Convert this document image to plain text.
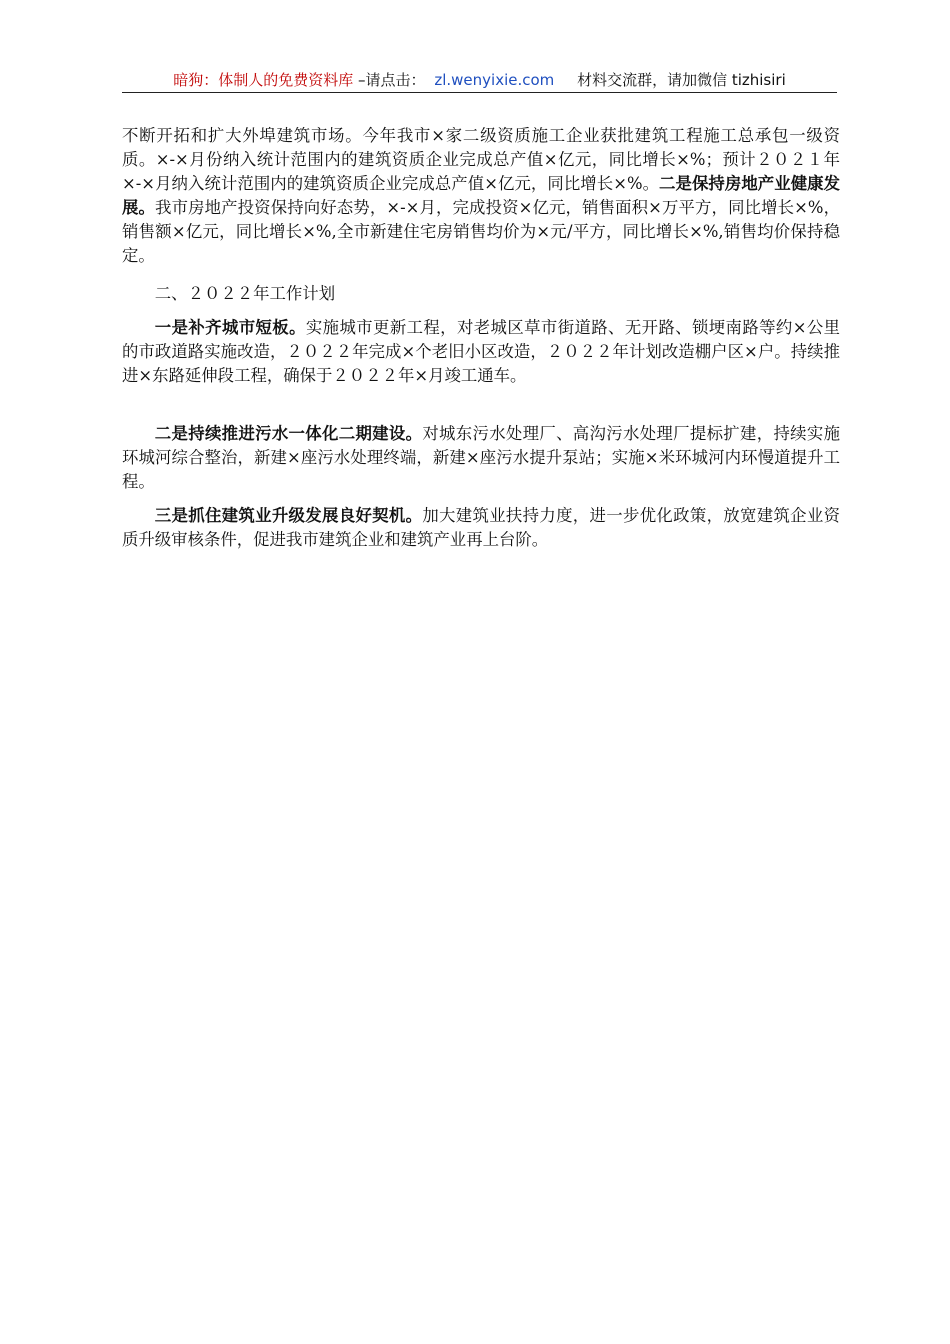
暗狗：体制人的免费资料库 –请点击： zl.wenyixie.com 材料交流群，请加微信 tizhisiri

不断开拓和扩大外埠建筑市场。今年我市×家二级资质施工企业获批建筑工程施工总承包一级资质。×-×月份纳入统计范围内的建筑资质企业完成总产值×亿元，同比增长×%；预计２０２１年×-×月纳入统计范围内的建筑资质企业完成总产值×亿元，同比增长×%。二是保持房地产业健康发展。我市房地产投资保持向好态势，×-×月，完成投资×亿元，销售面积×万平方，同比增长×%，销售额×亿元，同比增长×%,全市新建住宅房销售均价为×元/平方，同比增长×%,销售均价保持稳定。

二、２０２２年工作计划

一是补齐城市短板。实施城市更新工程，对老城区草市街道路、无开路、锁埂南路等约×公里的市政道路实施改造，２０２２年完成×个老旧小区改造，２０２２年计划改造棚户区×户。持续推进×东路延伸段工程，确保于２０２２年×月竣工通车。

二是持续推进污水一体化二期建设。对城东污水处理厂、高沟污水处理厂提标扩建，持续实施环城河综合整治，新建×座污水处理终端，新建×座污水提升泵站；实施×米环城河内环慢道提升工程。

三是抓住建筑业升级发展良好契机。加大建筑业扶持力度，进一步优化政策，放宽建筑企业资质升级审核条件，促进我市建筑企业和建筑产业再上台阶。
